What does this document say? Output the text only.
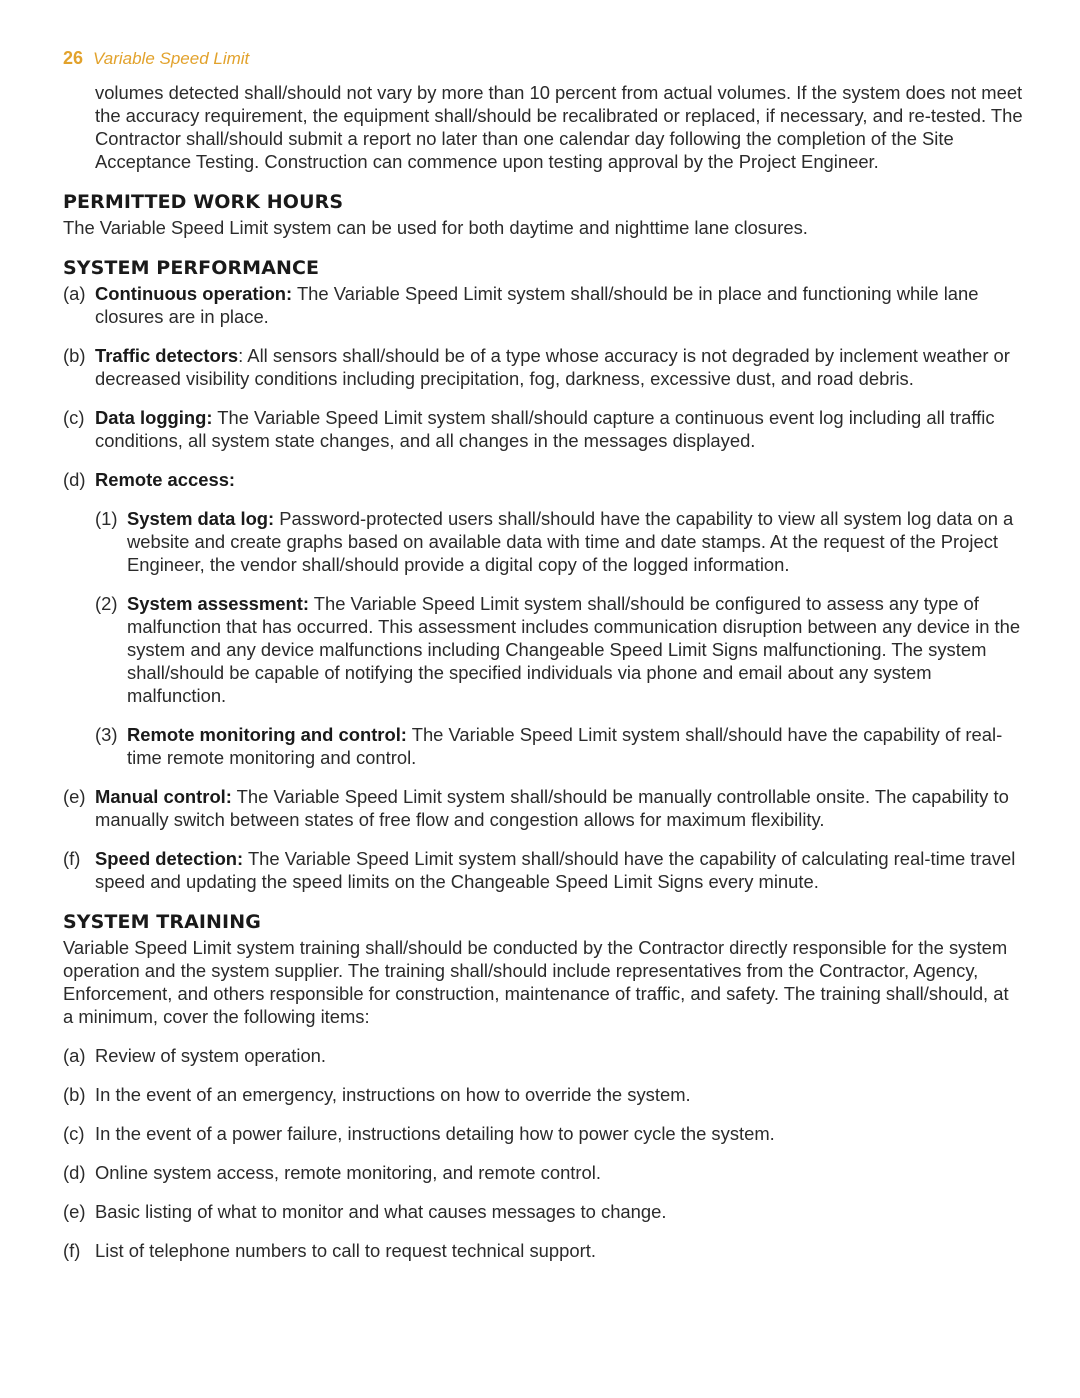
26 Variable Speed Limit

volumes detected shall/should not vary by more than 10 percent from actual volumes. If the system does not meet the accuracy requirement, the equipment shall/should be recalibrated or replaced, if necessary, and re-tested. The Contractor shall/should submit a report no later than one calendar day following the completion of the Site Acceptance Testing. Construction can commence upon testing approval by the Project Engineer.

PERMITTED WORK HOURS

The Variable Speed Limit system can be used for both daytime and nighttime lane closures.

SYSTEM PERFORMANCE
(a) Continuous operation: The Variable Speed Limit system shall/should be in place and functioning while lane closures are in place.
(b) Traffic detectors: All sensors shall/should be of a type whose accuracy is not degraded by inclement weather or decreased visibility conditions including precipitation, fog, darkness, excessive dust, and road debris.
(c) Data logging: The Variable Speed Limit system shall/should capture a continuous event log including all traffic conditions, all system state changes, and all changes in the messages displayed.
(d) Remote access:
(1) System data log: Password-protected users shall/should have the capability to view all system log data on a website and create graphs based on available data with time and date stamps. At the request of the Project Engineer, the vendor shall/should provide a digital copy of the logged information.
(2) System assessment: The Variable Speed Limit system shall/should be configured to assess any type of malfunction that has occurred. This assessment includes communication disruption between any device in the system and any device malfunctions including Changeable Speed Limit Signs malfunctioning. The system shall/should be capable of notifying the specified individuals via phone and email about any system malfunction.
(3) Remote monitoring and control: The Variable Speed Limit system shall/should have the capability of real-time remote monitoring and control.
(e) Manual control: The Variable Speed Limit system shall/should be manually controllable onsite. The capability to manually switch between states of free flow and congestion allows for maximum flexibility.
(f) Speed detection: The Variable Speed Limit system shall/should have the capability of calculating real-time travel speed and updating the speed limits on the Changeable Speed Limit Signs every minute.
SYSTEM TRAINING

Variable Speed Limit system training shall/should be conducted by the Contractor directly responsible for the system operation and the system supplier. The training shall/should include representatives from the Contractor, Agency, Enforcement, and others responsible for construction, maintenance of traffic, and safety. The training shall/should, at a minimum, cover the following items:

(a) Review of system operation.
(b) In the event of an emergency, instructions on how to override the system.
(c) In the event of a power failure, instructions detailing how to power cycle the system.
(d) Online system access, remote monitoring, and remote control.
(e) Basic listing of what to monitor and what causes messages to change.
(f) List of telephone numbers to call to request technical support.
